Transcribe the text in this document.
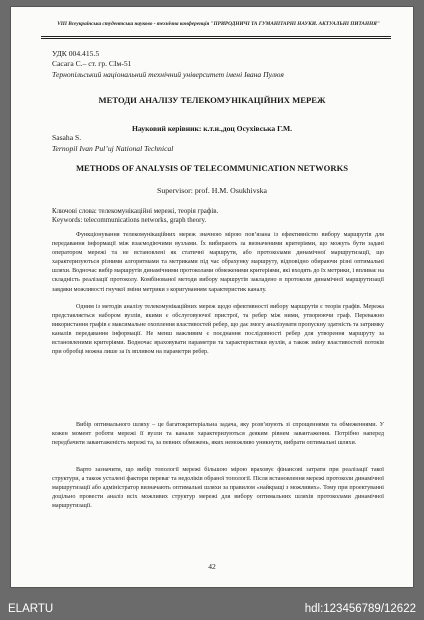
VIII Всеукраїнська студентська науково - технічна конференція "ПРИРОДНИЧІ ТА ГУМАНІТАРНІ НАУКИ. АКТУАЛЬНІ ПИТАННЯ"
УДК 004.415.5
Сасага С.– ст. гр. СІм-51
Тернопільський національний технічний університет імені Івана Пулюя
МЕТОДИ АНАЛІЗУ ТЕЛЕКОМУНІКАЦІЙНИХ МЕРЕЖ
Науковий керівник: к.т.н.,доц Осухівська Г.М.
Sasaha S.
Ternopil Ivan Pul’uj National Technical
METHODS OF ANALYSIS OF TELECOMMUNICATION NETWORKS
Supervisor: prof. H.M. Osukhivska
Ключові слова: телекомунікаційні мережі, теорія графів.
Keywords: telecommunications networks, graph theory.
Функціонування телекомунікаційних мереж значною мірою пов’язана із ефективністю вибору маршрутів для передавання інформації між взаємодіючими вузлами. Їх вибирають за визначеними критеріями, що можуть бути задані оператором мережі та не встановлені як статичні маршрути, або протоколами динамічної маршрутизації, що характеризуються різними алгоритмами та метриками під час обрахунку маршруту, відповідно обираючи різні оптимальні шляхи. Водночас вибір маршрутів динамічними протоколами обмеженими критеріями, які входять до їх метрики, і впливає на складність реалізації протоколу. Комбінованої методи вибору маршрутів закладено в протоколи динамічної маршрутизації завдяки можливості гнучкої зміни метрики з коригуванням характеристик каналу.
Одним із методів аналізу телекомунікаційних мереж щодо ефективності вибору маршрутів є теорія графів. Мережа представляється набором вузлів, якими є обслуговуючої пристрої, та ребер між ними, утворюючи граф. Переважно використання графів є максимальне охоплення властивостей ребер, що дає змогу аналізувати пропускну здатність та затримку каналів передавання інформації. Не менш важливим є поєднання послідовності ребер для утворення маршруту за встановленими критеріями. Водночас враховувати параметри та характеристики вузлів, а також зміну властивостей потоків при обробці можна лише за їх впливом на параметри ребер.
Вибір оптимального шляху – це багатокритеріальна задача, яку розв’язують зі спрощеннями та обмеженнями. У кожен момент роботи мережі її вузли та канали характеризуються деяким рівнем завантаження. Потрібно наперед передбачити завантаженість мережі та, за певних обмежень, яких неможливо уникнути, вибрати оптимальні шляхи.
Варто зазначити, що вибір топології мережі більшою мірою враховує фінансові затрати при реалізації такої структури, а також усталені фактори переваг та недоліків обраної топології. Після встановлення мережі протоколи динамічної маршрутизації або адміністратор визначають оптимальні шляхи за правилом «найкращі з можливих». Тому при проектуванні доцільно провести аналіз всіх можливих структур мережі для вибору оптимальних шляхів протоколами динамічної маршрутизації.
42
ELARTU	hdl:123456789/12622
